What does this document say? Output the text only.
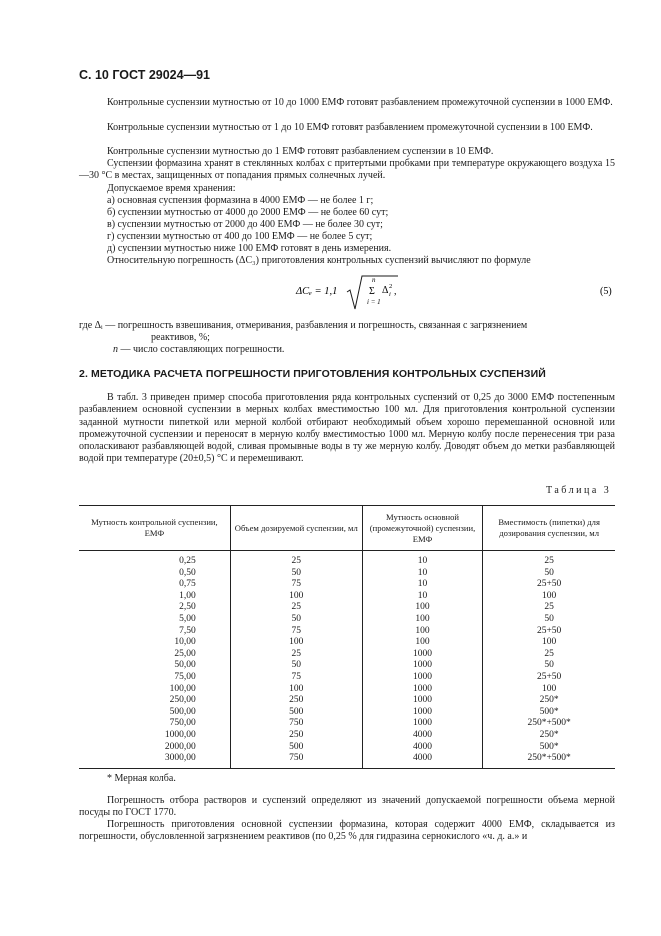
С. 10 ГОСТ 29024—91
Контрольные суспензии мутностью от 10 до 1000 ЕМФ готовят разбавлением промежуточной суспензии в 1000 ЕМФ.
Контрольные суспензии мутностью от 1 до 10 ЕМФ готовят разбавлением промежуточной суспензии в 100 ЕМФ.
Контрольные суспензии мутностью до 1 ЕМФ готовят разбавлением суспензии в 10 ЕМФ.
Суспензии формазина хранят в стеклянных колбах с притертыми пробками при температуре окружающего воздуха 15—30 °С в местах, защищенных от попадания прямых солнечных лучей.
Допускаемое время хранения:
а) основная суспензия формазина в 4000 ЕМФ — не более 1 г;
б) суспензии мутностью от 4000 до 2000 ЕМФ — не более 60 сут;
в) суспензии мутностью от 2000 до 400 ЕМФ — не более 30 сут;
г) суспензии мутностью от 400 до 100 ЕМФ — не более 5 сут;
д) суспензии мутностью ниже 100 ЕМФ готовят в день измерения.
Относительную погрешность (ΔC₃) приготовления контрольных суспензий вычисляют по формуле
ΔCₑ = 1,1
n
Σ
i = 1
Δ 2
i ,	(5)
где Δᵢ — погрешность взвешивания, отмеривания, разбавления и погрешность, связанная с загрязнением
реактивов, %;
n — число составляющих погрешности.
2. МЕТОДИКА РАСЧЕТА ПОГРЕШНОСТИ ПРИГОТОВЛЕНИЯ КОНТРОЛЬНЫХ СУСПЕНЗИЙ
В табл. 3 приведен пример способа приготовления ряда контрольных суспензий от 0,25 до 3000 ЕМФ постепенным разбавлением основной суспензии в мерных колбах вместимостью 100 мл. Для приготовления контрольной суспензии заданной мутности пипеткой или мерной колбой отбирают необходимый объем хорошо перемешанной основной или промежуточной суспензии и переносят в мерную колбу вместимостью 1000 мл. Мерную колбу после перенесения три раза ополаскивают разбавляющей водой, сливая промывные воды в ту же мерную колбу. Доводят объем до метки разбавляющей водой при температуре (20±0,5) °С и перемешивают.
Таблица 3
Мутность контрольной суспензии, ЕМФ	Объем дозируемой суспензии, мл	Мутность основной (промежуточной) суспензии, ЕМФ	Вместимость (пипетки) для дозирования суспензии, мл
0,25	25	10	25
0,50	50	10	50
0,75	75	10	25+50
1,00	100	10	100
2,50	25	100	25
5,00	50	100	50
7,50	75	100	25+50
10,00	100	100	100
25,00	25	1000	25
50,00	50	1000	50
75,00	75	1000	25+50
100,00	100	1000	100
250,00	250	1000	250*
500,00	500	1000	500*
750,00	750	1000	250*+500*
1000,00	250	4000	250*
2000,00	500	4000	500*
3000,00	750	4000	250*+500*
* Мерная колба.
Погрешность отбора растворов и суспензий определяют из значений допускаемой погрешности объема мерной посуды по ГОСТ 1770.
Погрешность приготовления основной суспензии формазина, которая содержит 4000 ЕМФ, складывается из погрешности, обусловленной загрязнением реактивов (по 0,25 % для гидразина сернокислого «ч. д. а.» и
